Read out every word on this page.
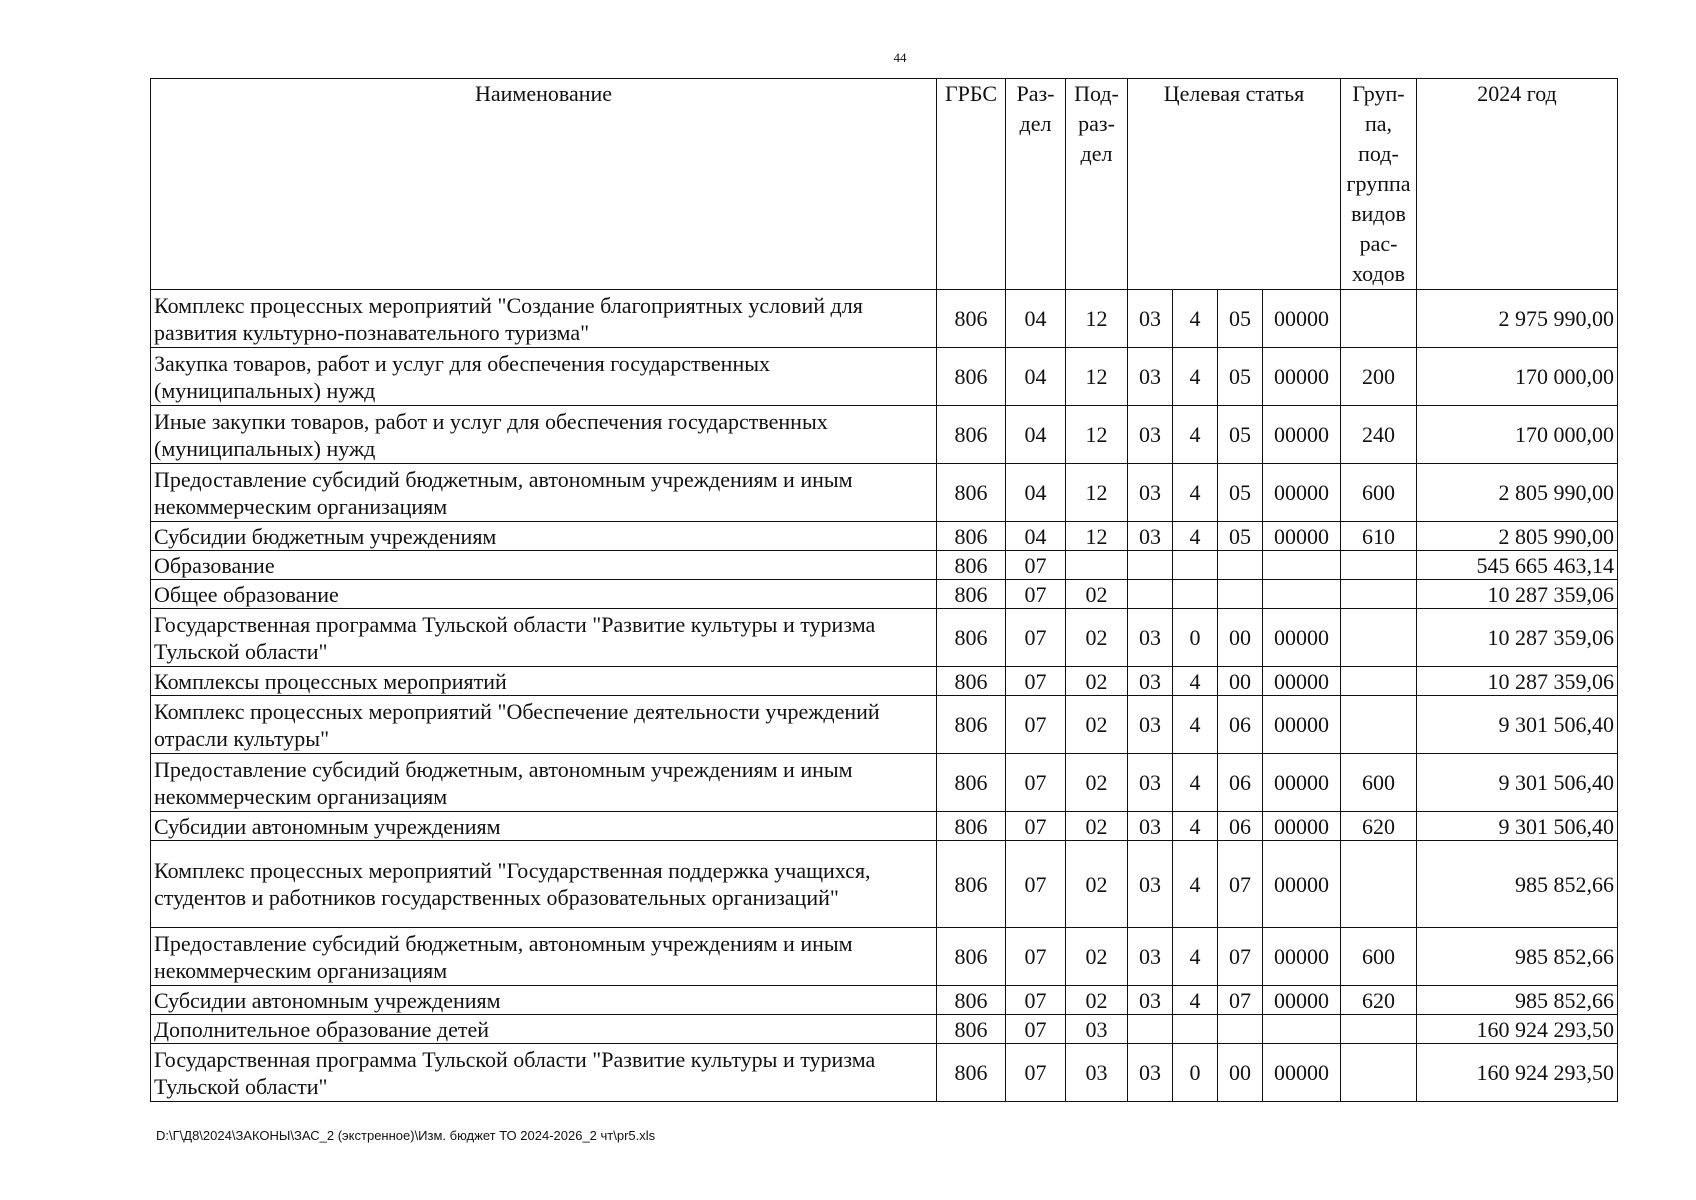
44
Наименование	ГРБС	Раз-дел	Под-раз-дел	Целевая статья				Груп-па, под-группа видов рас-ходов	2024 год
Комплекс процессных мероприятий "Создание благоприятных условий для развития культурно-познавательного туризма"	806	04	12	03	4	05	00000		2 975 990,00
Закупка товаров, работ и услуг для обеспечения государственных (муниципальных) нужд	806	04	12	03	4	05	00000	200	170 000,00
Иные закупки товаров, работ и услуг для обеспечения государственных (муниципальных) нужд	806	04	12	03	4	05	00000	240	170 000,00
Предоставление субсидий бюджетным, автономным учреждениям и иным некоммерческим организациям	806	04	12	03	4	05	00000	600	2 805 990,00
Субсидии бюджетным учреждениям	806	04	12	03	4	05	00000	610	2 805 990,00
Образование	806	07							545 665 463,14
Общее образование	806	07	02						10 287 359,06
Государственная программа Тульской области "Развитие культуры и туризма Тульской области"	806	07	02	03	0	00	00000		10 287 359,06
Комплексы процессных мероприятий	806	07	02	03	4	00	00000		10 287 359,06
Комплекс процессных мероприятий "Обеспечение деятельности учреждений отрасли культуры"	806	07	02	03	4	06	00000		9 301 506,40
Предоставление субсидий бюджетным, автономным учреждениям и иным некоммерческим организациям	806	07	02	03	4	06	00000	600	9 301 506,40
Субсидии автономным учреждениям	806	07	02	03	4	06	00000	620	9 301 506,40
Комплекс процессных мероприятий "Государственная поддержка учащихся, студентов и работников государственных образовательных организаций"	806	07	02	03	4	07	00000		985 852,66
Предоставление субсидий бюджетным, автономным учреждениям и иным некоммерческим организациям	806	07	02	03	4	07	00000	600	985 852,66
Субсидии автономным учреждениям	806	07	02	03	4	07	00000	620	985 852,66
Дополнительное образование детей	806	07	03						160 924 293,50
Государственная программа Тульской области "Развитие культуры и туризма Тульской области"	806	07	03	03	0	00	00000		160 924 293,50
D:\Г\Д8\2024\ЗАКОНЫ\ЗАС_2 (экстренное)\Изм. бюджет ТО 2024-2026_2 чт\pr5.xls
